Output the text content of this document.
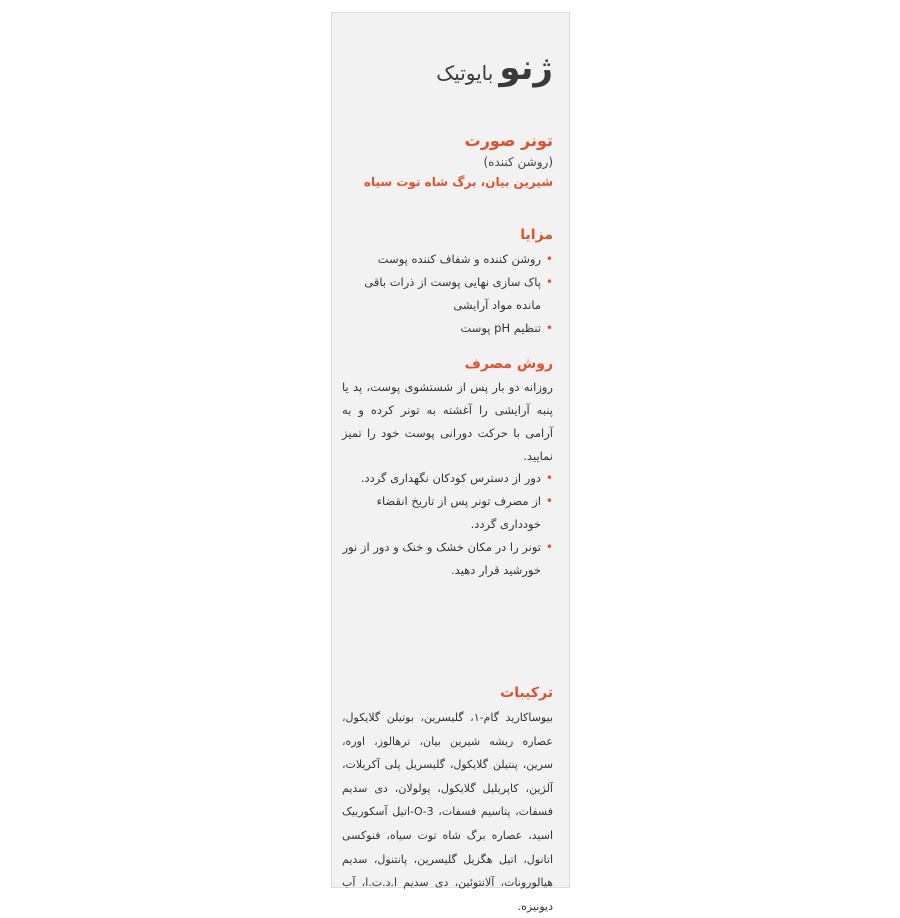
ژنو
بایوتیک
تونر صورت
(روشن کننده)
شیرین بیان، برگ شاه توت سیاه
مزایا
• روشن کننده و شفاف کننده پوست
• پاک سازی نهایی پوست از ذرات باقی مانده مواد آرایشی
• تنظیم pH پوست
روش مصرف
روزانه دو بار پس از شستشوی پوست، پد یا پنبه آرایشی را آغشته به تونر کرده و به آرامی با حرکت دورانی پوست خود را تمیز نمایید.
• دور از دسترس کودکان نگهداری گردد.
• از مصرف تونر پس از تاریخ انقضاء خودداری گردد.
• تونر را در مکان خشک و خنک و دور از نور خورشید قرار دهید.
ترکیبات
بیوساکارید گام-۱، گلیسرین، بوتیلن گلایکول، عصاره ریشه شیرین بیان، ترهالوز، اوره، سرین، پنتیلن گلایکول، گلیسریل پلی آکریلات، آلژین، کاپریلیل گلایکول، پولولان، دی سدیم فسفات، پتاسیم فسفات، 3-O-اتیل آسکوربیک اسید، عصاره برگ شاه توت سیاه، فنوکسی اتانول، اتیل هگزیل گلیسرین، پانتنول، سدیم هیالورونات، آلانتوئین، دی سدیم ا.د.ت.ا، آب دیونیزه.
